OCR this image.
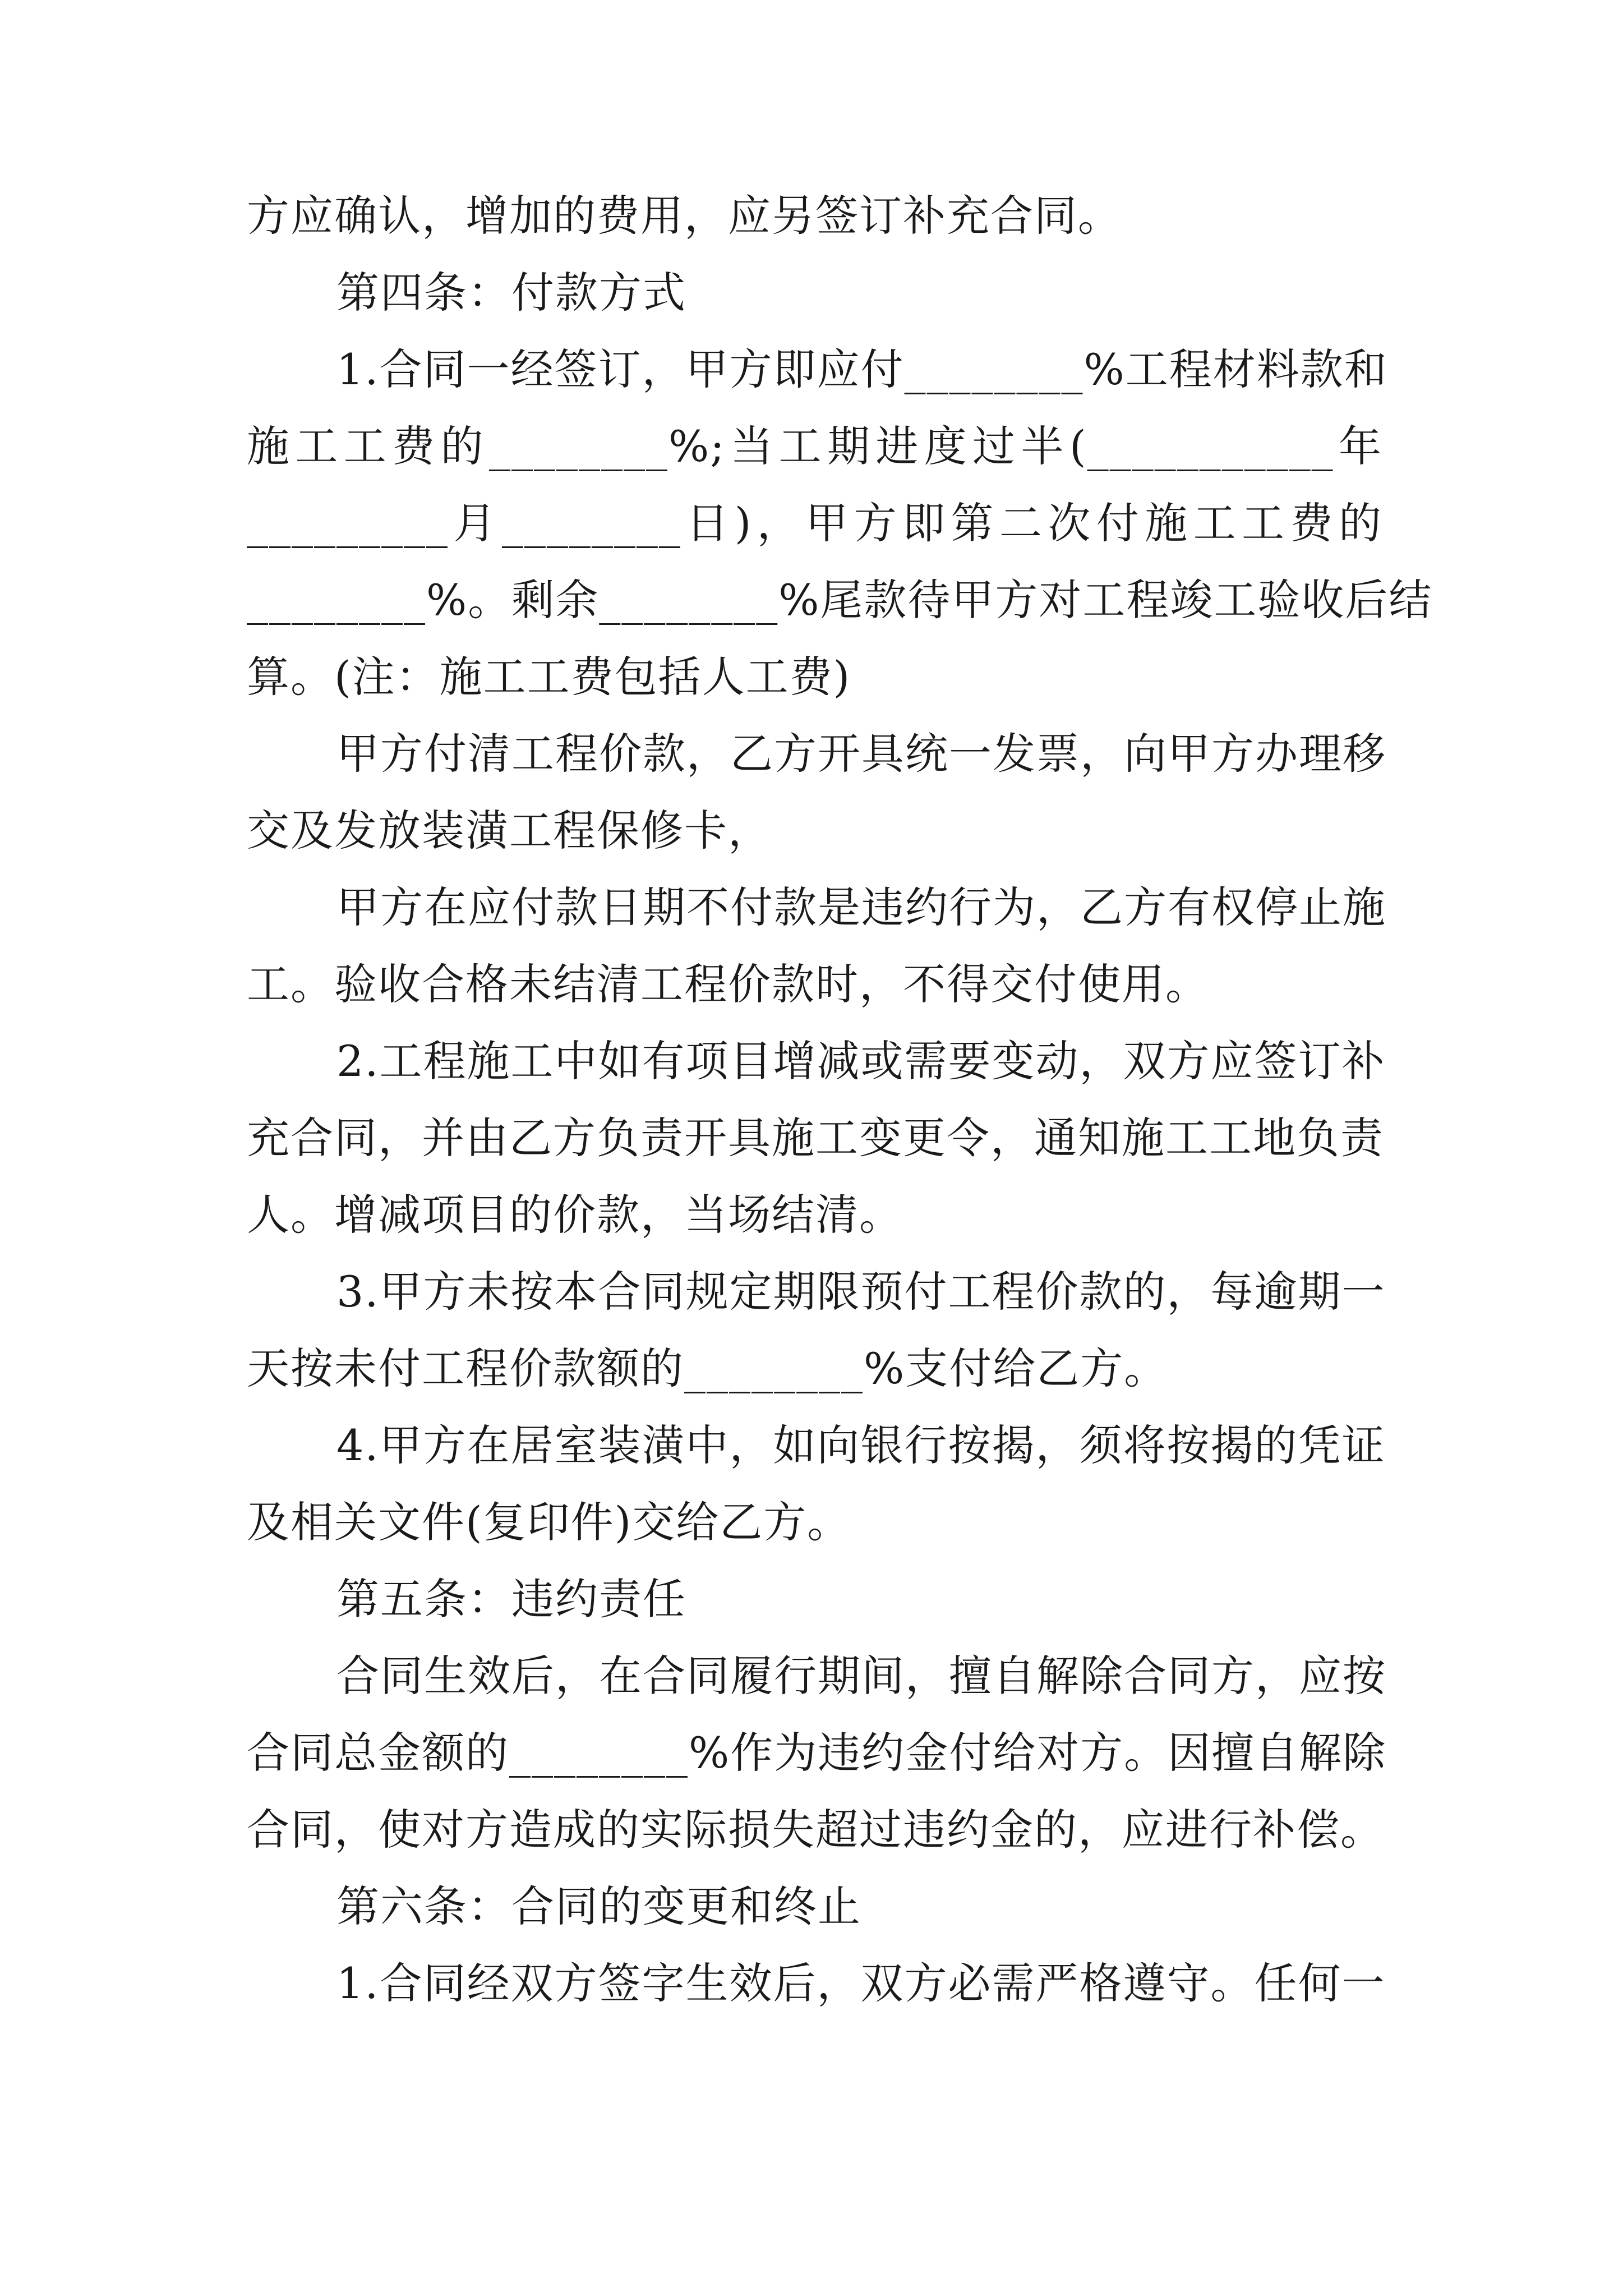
方应确认，增加的费用，应另签订补充合同。
第四条：付款方式
1.合同一经签订，甲方即应付________%工程材料款和
施工工费的________%;当工期进度过半(___________年
_________月________日)，甲方即第二次付施工工费的
________%。剩余________%尾款待甲方对工程竣工验收后结
算。(注：施工工费包括人工费)
甲方付清工程价款，乙方开具统一发票，向甲方办理移
交及发放装潢工程保修卡，
甲方在应付款日期不付款是违约行为，乙方有权停止施
工。验收合格未结清工程价款时，不得交付使用。
2.工程施工中如有项目增减或需要变动，双方应签订补
充合同，并由乙方负责开具施工变更令，通知施工工地负责
人。增减项目的价款，当场结清。
3.甲方未按本合同规定期限预付工程价款的，每逾期一
天按未付工程价款额的________%支付给乙方。
4.甲方在居室装潢中，如向银行按揭，须将按揭的凭证
及相关文件(复印件)交给乙方。
第五条：违约责任
合同生效后，在合同履行期间，擅自解除合同方，应按
合同总金额的________%作为违约金付给对方。因擅自解除
合同，使对方造成的实际损失超过违约金的，应进行补偿。
第六条：合同的变更和终止
1.合同经双方签字生效后，双方必需严格遵守。任何一
